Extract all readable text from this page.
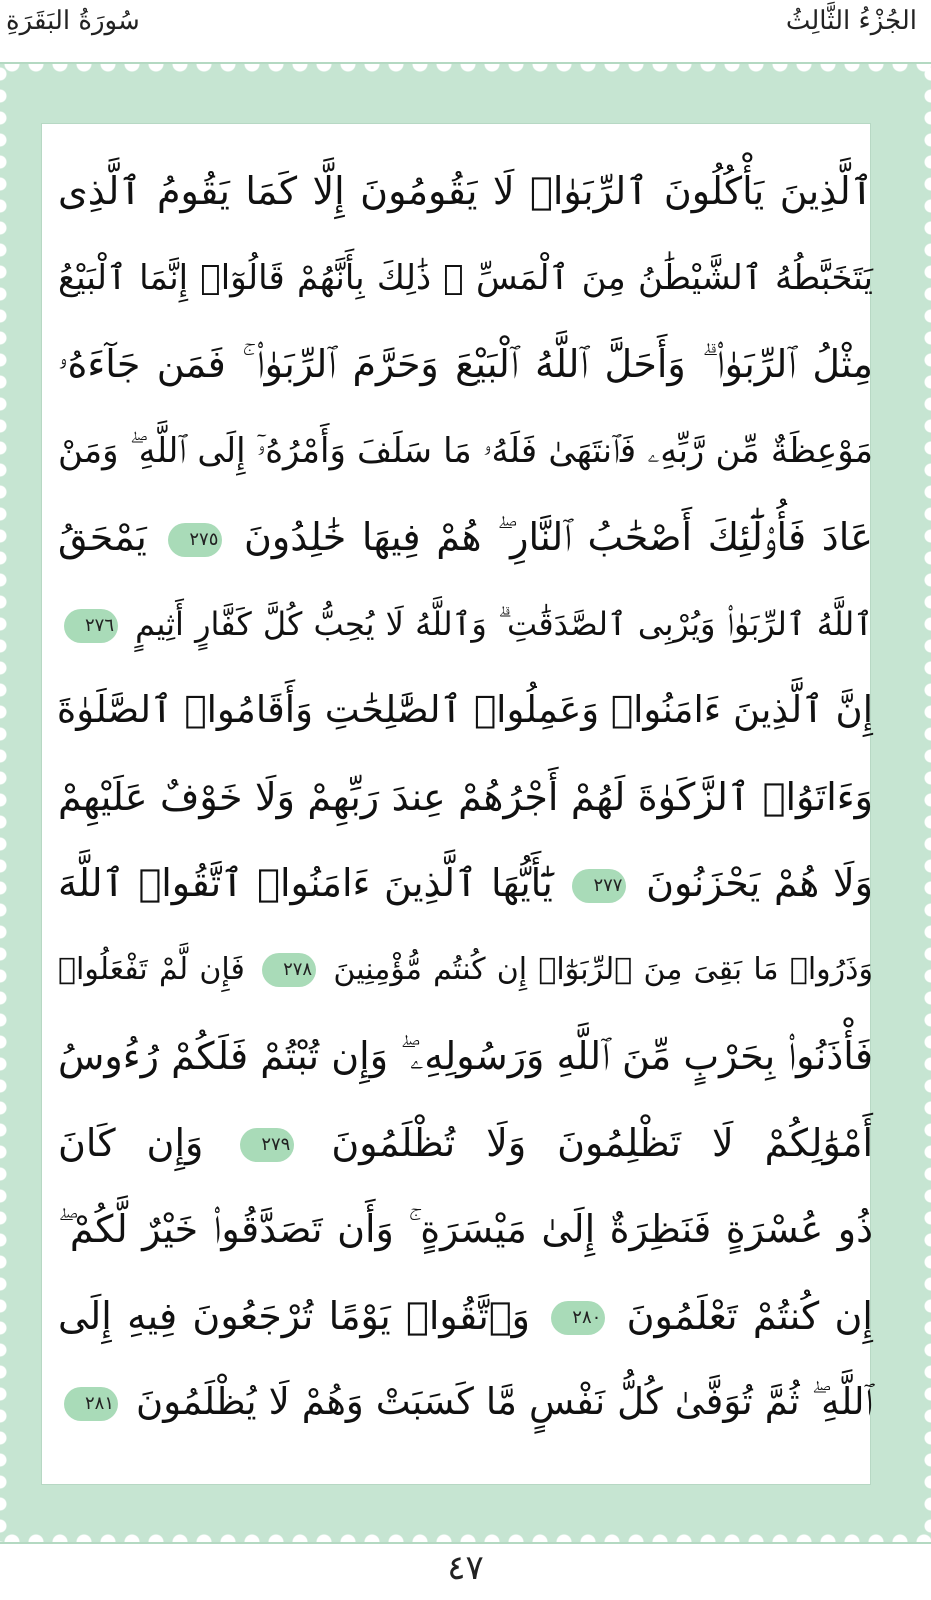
الجُزْءُ الثَّالِثُ
سُورَةُ البَقَرَةِ
ٱلَّذِينَ يَأْكُلُونَ ٱلرِّبَوٰا۟ لَا يَقُومُونَ إِلَّا كَمَا يَقُومُ ٱلَّذِى
يَتَخَبَّطُهُ ٱلشَّيْطَٰنُ مِنَ ٱلْمَسِّ ۚ ذَٰلِكَ بِأَنَّهُمْ قَالُوٓا۟ إِنَّمَا ٱلْبَيْعُ
مِثْلُ ٱلرِّبَوٰا۟ ۗ وَأَحَلَّ ٱللَّهُ ٱلْبَيْعَ وَحَرَّمَ ٱلرِّبَوٰا۟ ۚ فَمَن جَآءَهُۥ
مَوْعِظَةٌ مِّن رَّبِّهِۦ فَٱنتَهَىٰ فَلَهُۥ مَا سَلَفَ وَأَمْرُهُۥٓ إِلَى ٱللَّهِ ۖ وَمَنْ
عَادَ فَأُو۟لَٰٓئِكَ أَصْحَٰبُ ٱلنَّارِ ۖ هُمْ فِيهَا خَٰلِدُونَ ٢٧٥ يَمْحَقُ
ٱللَّهُ ٱلرِّبَوٰا۟ وَيُرْبِى ٱلصَّدَقَٰتِ ۗ وَٱللَّهُ لَا يُحِبُّ كُلَّ كَفَّارٍ أَثِيمٍ ٢٧٦
إِنَّ ٱلَّذِينَ ءَامَنُوا۟ وَعَمِلُوا۟ ٱلصَّٰلِحَٰتِ وَأَقَامُوا۟ ٱلصَّلَوٰةَ
وَءَاتَوُا۟ ٱلزَّكَوٰةَ لَهُمْ أَجْرُهُمْ عِندَ رَبِّهِمْ وَلَا خَوْفٌ عَلَيْهِمْ
وَلَا هُمْ يَحْزَنُونَ ٢٧٧ يَٰٓأَيُّهَا ٱلَّذِينَ ءَامَنُوا۟ ٱتَّقُوا۟ ٱللَّهَ
وَذَرُوا۟ مَا بَقِىَ مِنَ ٱلرِّبَوٰٓا۟ إِن كُنتُم مُّؤْمِنِينَ ٢٧٨ فَإِن لَّمْ تَفْعَلُوا۟
فَأْذَنُوا۟ بِحَرْبٍ مِّنَ ٱللَّهِ وَرَسُولِهِۦ ۖ وَإِن تُبْتُمْ فَلَكُمْ رُءُوسُ
أَمْوَٰلِكُمْ لَا تَظْلِمُونَ وَلَا تُظْلَمُونَ ٢٧٩ وَإِن كَانَ
ذُو عُسْرَةٍ فَنَظِرَةٌ إِلَىٰ مَيْسَرَةٍ ۚ وَأَن تَصَدَّقُوا۟ خَيْرٌ لَّكُمْ ۖ
إِن كُنتُمْ تَعْلَمُونَ ٢٨٠ وَٱتَّقُوا۟ يَوْمًا تُرْجَعُونَ فِيهِ إِلَى
ٱللَّهِ ۖ ثُمَّ تُوَفَّىٰ كُلُّ نَفْسٍ مَّا كَسَبَتْ وَهُمْ لَا يُظْلَمُونَ ٢٨١
٤٧
